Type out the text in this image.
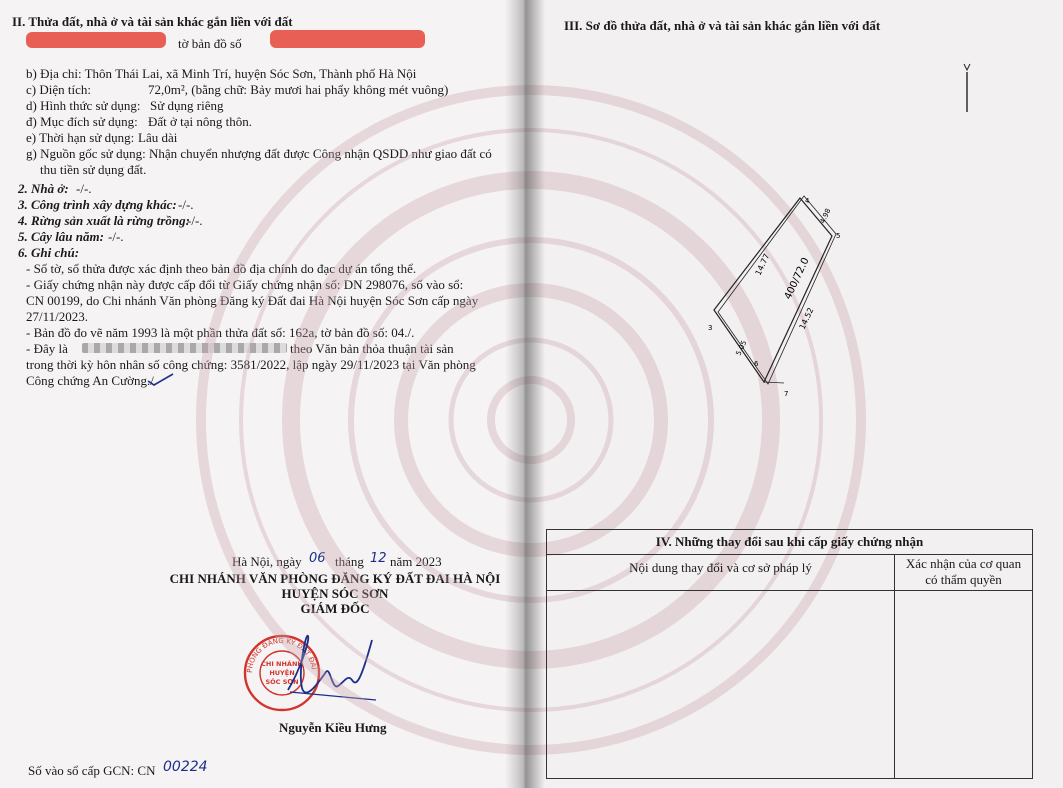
II. Thửa đất, nhà ở và tài sản khác gắn liền với đất
tờ bản đồ số
b) Địa chỉ: Thôn Thái Lai, xã Minh Trí, huyện Sóc Sơn, Thành phố Hà Nội
c) Diện tích:	72,0m², (bằng chữ: Bảy mươi hai phẩy không mét vuông)
d) Hình thức sử dụng: Sử dụng riêng
đ) Mục đích sử dụng: Đất ở tại nông thôn.
e) Thời hạn sử dụng: Lâu dài
g) Nguồn gốc sử dụng: Nhận chuyển nhượng đất được Công nhận QSDD như giao đất có
thu tiền sử dụng đất.
2. Nhà ở: -/-.
3. Công trình xây dựng khác: -/-.
4. Rừng sản xuất là rừng trồng:
-/-.
5. Cây lâu năm: -/-.
6. Ghi chú:
- Số tờ, số thửa được xác định theo bản đồ địa chính do đạc dự án tổng thể.
- Giấy chứng nhận này được cấp đổi từ Giấy chứng nhận số: DN 298076, số vào sổ:
CN 00199, do Chi nhánh Văn phòng Đăng ký Đất đai Hà Nội huyện Sóc Sơn cấp ngày
27/11/2023.
- Bản đồ đo vẽ năm 1993 là một phần thửa đất số: 162a, tờ bản đồ số: 04./.
- Đây là	theo Văn bản thỏa thuận tài sản
trong thời kỳ hôn nhân số công chứng: 3581/2022, lập ngày 29/11/2023 tại Văn phòng
Công chứng An Cường./.
Hà Nội, ngày 06 tháng 12 năm 2023
CHI NHÁNH VĂN PHÒNG ĐĂNG KÝ ĐẤT ĐAI HÀ NỘI
HUYỆN SÓC SƠN
GIÁM ĐỐC
PHÒNG ĐĂNG KÝ ĐẤT ĐAI
CHI NHÁNH
HUYỆN
SÓC SƠN
Nguyễn Kiều Hưng
Số vào sổ cấp GCN: CN 00224
III. Sơ đồ thửa đất, nhà ở và tài sản khác gắn liền với đất
4
5
3
6
7
14.77
4.98
14.52
5.05
400/72.0
IV. Những thay đổi sau khi cấp giấy chứng nhận
Nội dung thay đổi và cơ sở pháp lý	Xác nhận của cơ quan
có thẩm quyền
